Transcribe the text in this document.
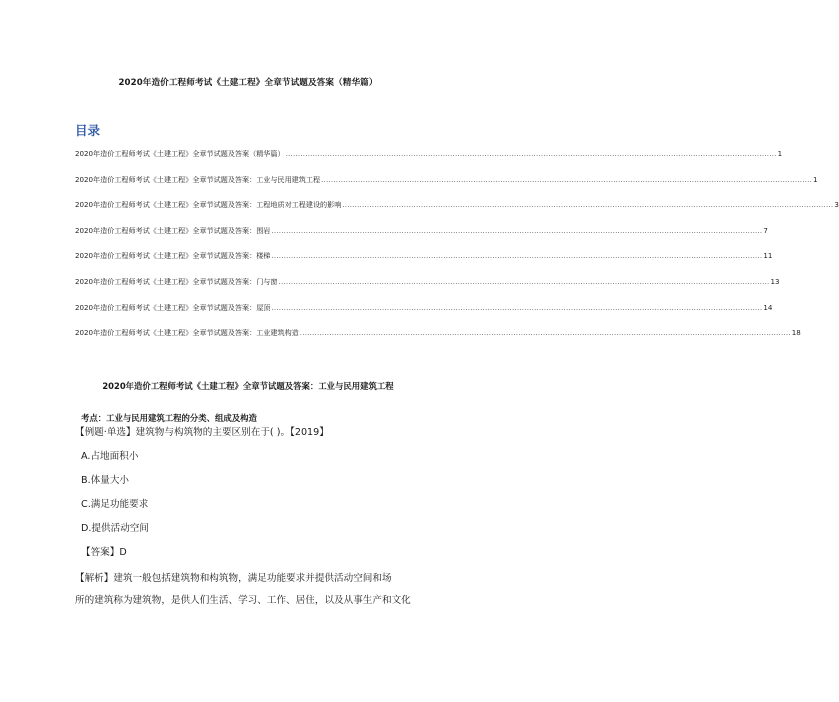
2020年造价工程师考试《土建工程》全章节试题及答案（精华篇）
目录
2020年造价工程师考试《土建工程》全章节试题及答案（精华篇） ........................................................................................................................................................................................................ 1
2020年造价工程师考试《土建工程》全章节试题及答案：工业与民用建筑工程 ........................................................................................................................................................................................................ 1
2020年造价工程师考试《土建工程》全章节试题及答案：工程地质对工程建设的影响 ........................................................................................................................................................................................................ 3
2020年造价工程师考试《土建工程》全章节试题及答案：围岩 ........................................................................................................................................................................................................ 7
2020年造价工程师考试《土建工程》全章节试题及答案：楼梯 ........................................................................................................................................................................................................ 11
2020年造价工程师考试《土建工程》全章节试题及答案：门与窗 ........................................................................................................................................................................................................ 13
2020年造价工程师考试《土建工程》全章节试题及答案：屋顶 ........................................................................................................................................................................................................ 14
2020年造价工程师考试《土建工程》全章节试题及答案：工业建筑构造 ........................................................................................................................................................................................................ 18
2020年造价工程师考试《土建工程》全章节试题及答案：工业与民用建筑工程
考点：工业与民用建筑工程的分类、组成及构造
【例题·单选】建筑物与构筑物的主要区别在于( )。【2019】
A.占地面积小
B.体量大小
C.满足功能要求
D.提供活动空间
【答案】D
【解析】建筑一般包括建筑物和构筑物，满足功能要求并提供活动空间和场
所的建筑称为建筑物，是供人们生活、学习、工作、居住，以及从事生产和文化
